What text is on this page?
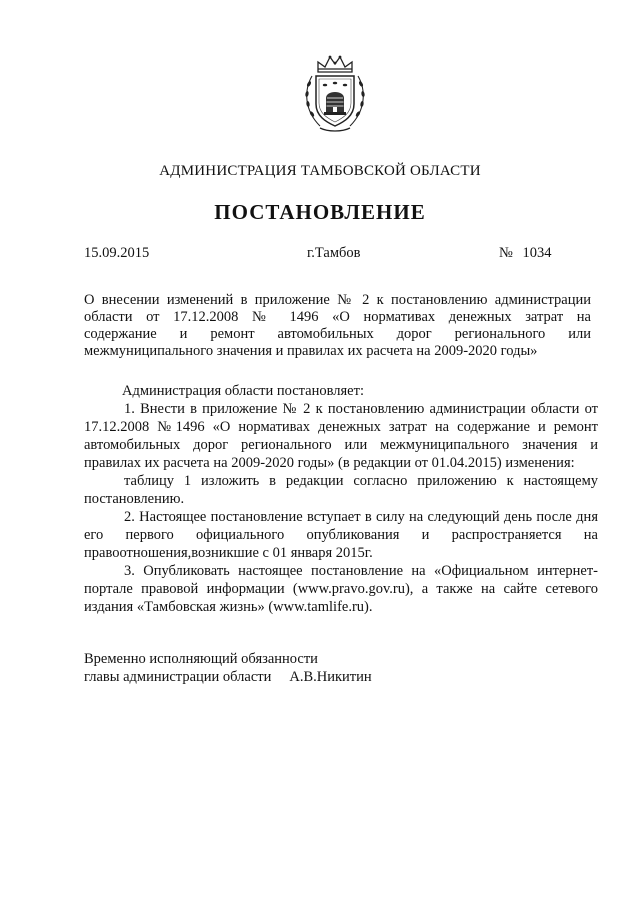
АДМИНИСТРАЦИЯ ТАМБОВСКОЙ ОБЛАСТИ
ПОСТАНОВЛЕНИЕ
15.09.2015	г.Тамбов	№ 1034
О внесении изменений в приложение № 2 к постановлению администрации
области от 17.12.2008 № 1496 «О нормативах денежных затрат на
содержание и ремонт автомобильных дорог регионального или
межмуниципального значения и правилах их расчета на 2009-2020 годы»

Администрация области постановляет:

1. Внести в приложение № 2 к постановлению администрации области от 17.12.2008 №1496 «О нормативах денежных затрат на содержание и ремонт автомобильных дорог регионального или межмуниципального значения и правилах их расчета на 2009-2020 годы» (в редакции от 01.04.2015) изменения:

таблицу 1 изложить в редакции согласно приложению к настоящему постановлению.

2. Настоящее постановление вступает в силу на следующий день после дня его первого официального опубликования и распространяется на правоотношения,возникшие с 01 января 2015г.

3. Опубликовать настоящее постановление на «Официальном интернет-портале правовой информации (www.pravo.gov.ru), а также на сайте сетевого издания «Тамбовская жизнь» (www.tamlife.ru).

Временно исполняющий обязанности
главы администрации области А.В.Никитин
